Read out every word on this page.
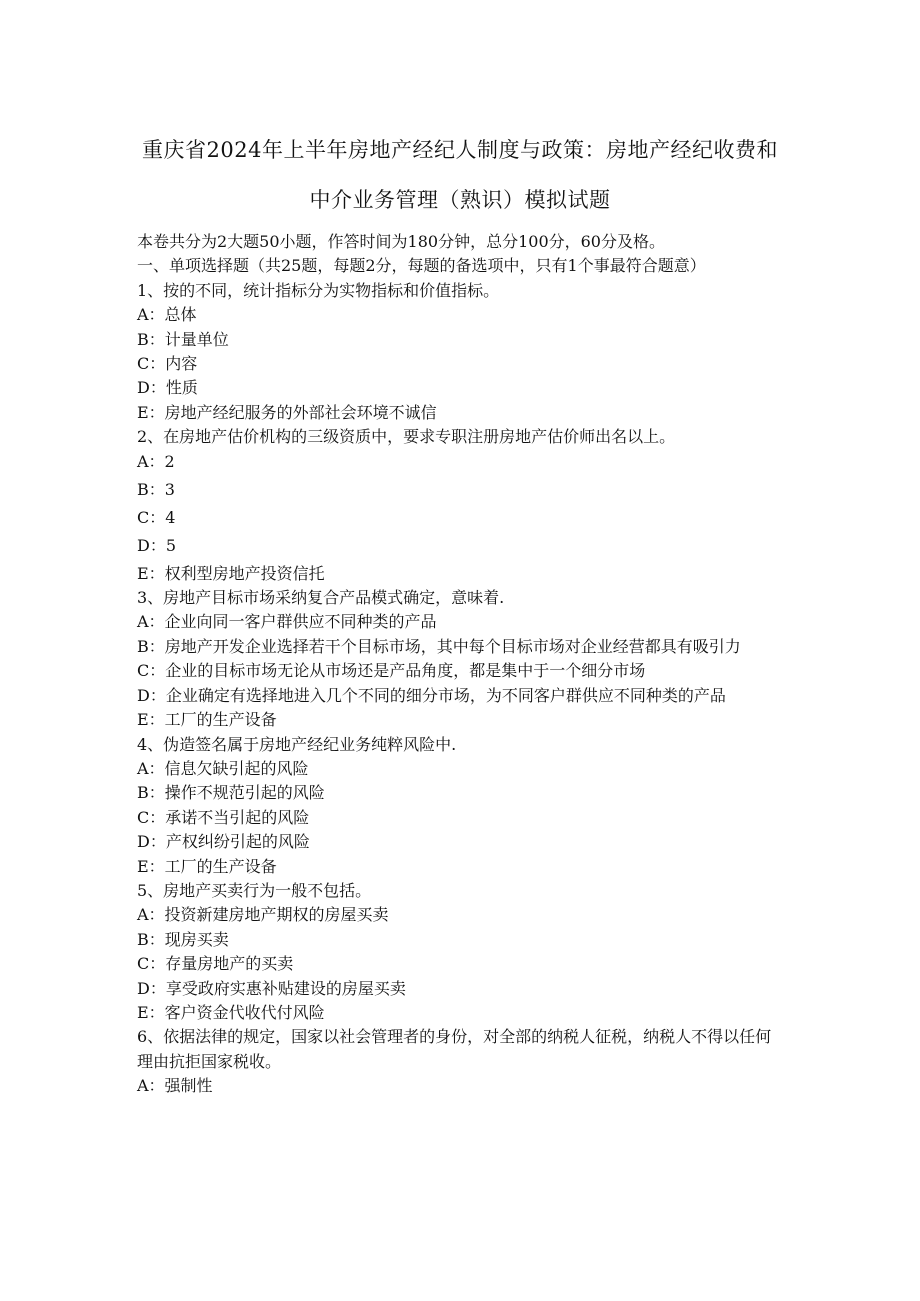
重庆省2024年上半年房地产经纪人制度与政策：房地产经纪收费和
中介业务管理（熟识）模拟试题
本卷共分为2大题50小题，作答时间为180分钟，总分100分，60分及格。
一、单项选择题（共25题，每题2分，每题的备选项中，只有1个事最符合题意）
1、按的不同，统计指标分为实物指标和价值指标。
A：总体
B：计量单位
C：内容
D：性质
E：房地产经纪服务的外部社会环境不诚信
2、在房地产估价机构的三级资质中，要求专职注册房地产估价师出名以上。
A：2
B：3
C：4
D：5
E：权利型房地产投资信托
3、房地产目标市场采纳复合产品模式确定，意味着.
A：企业向同一客户群供应不同种类的产品
B：房地产开发企业选择若干个目标市场，其中每个目标市场对企业经营都具有吸引力
C：企业的目标市场无论从市场还是产品角度，都是集中于一个细分市场
D：企业确定有选择地进入几个不同的细分市场，为不同客户群供应不同种类的产品
E：工厂的生产设备
4、伪造签名属于房地产经纪业务纯粹风险中.
A：信息欠缺引起的风险
B：操作不规范引起的风险
C：承诺不当引起的风险
D：产权纠纷引起的风险
E：工厂的生产设备
5、房地产买卖行为一般不包括。
A：投资新建房地产期权的房屋买卖
B：现房买卖
C：存量房地产的买卖
D：享受政府实惠补贴建设的房屋买卖
E：客户资金代收代付风险
6、依据法律的规定，国家以社会管理者的身份，对全部的纳税人征税，纳税人不得以任何理由抗拒国家税收。
A：强制性
